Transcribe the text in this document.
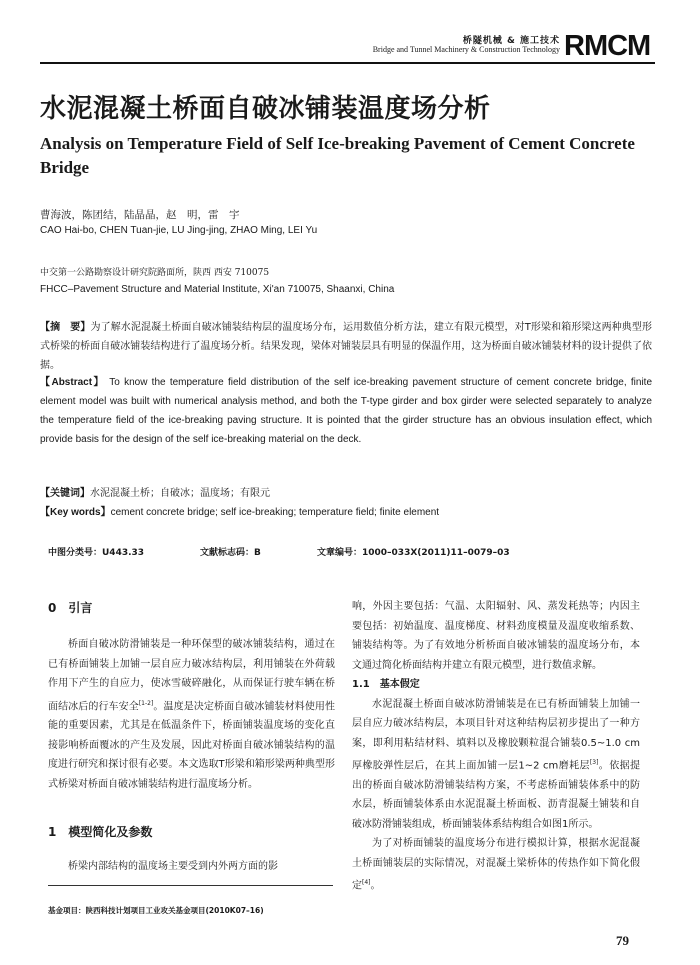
桥隧机械 & 施工技术
Bridge and Tunnel Machinery & Construction Technology RMCM
水泥混凝土桥面自破冰铺装温度场分析
Analysis on Temperature Field of Self Ice-breaking Pavement of Cement Concrete Bridge
曹海波，陈团结，陆晶晶，赵　明，雷　宇
CAO Hai-bo, CHEN Tuan-jie, LU Jing-jing, ZHAO Ming, LEI Yu
中交第一公路勘察设计研究院路面所，陕西 西安 710075
FHCC–Pavement Structure and Material Institute, Xi'an 710075, Shaanxi, China
【摘　要】为了解水泥混凝土桥面自破冰铺装结构层的温度场分布，运用数值分析方法，建立有限元模型，对T形梁和箱形梁这两种典型形式桥梁的桥面自破冰铺装结构进行了温度场分析。结果发现，梁体对铺装层具有明显的保温作用，这为桥面自破冰铺装材料的设计提供了依据。
【Abstract】 To know the temperature field distribution of the self ice-breaking pavement structure of cement concrete bridge, finite element model was built with numerical analysis method, and both the T-type girder and box girder were selected separately to analyze the temperature field of the ice-breaking paving structure. It is pointed that the girder structure has an obvious insulation effect, which provide basis for the design of the self ice-breaking material on the deck.
【关键词】水泥混凝土桥；自破冰；温度场；有限元
【Key words】cement concrete bridge; self ice-breaking; temperature field; finite element
中图分类号：U443.33	文献标志码：B	文章编号：1000–033X(2011)11–0079–03
0　引言

桥面自破冰防滑铺装是一种环保型的破冰铺装结构，通过在已有桥面铺装上加铺一层自应力破冰结构层，利用铺装在外荷载作用下产生的自应力，使冰雪破碎融化，从而保证行驶车辆在桥面结冰后的行车安全[1-2]。温度是决定桥面自破冰铺装材料使用性能的重要因素，尤其是在低温条件下，桥面铺装温度场的变化直接影响桥面覆冰的产生及发展，因此对桥面自破冰铺装结构的温度进行研究和探讨很有必要。本文选取T形梁和箱形梁两种典型形式桥梁对桥面自破冰铺装结构进行温度场分析。

1　模型简化及参数

桥梁内部结构的温度场主要受到内外两方面的影

基金项目：陕西科技计划项目工业攻关基金项目(2010K07–16)

响，外因主要包括：气温、太阳辐射、风、蒸发耗热等；内因主要包括：初始温度、温度梯度、材料劲度模量及温度收缩系数、铺装结构等。为了有效地分析桥面自破冰铺装的温度场分布，本文通过简化桥面结构并建立有限元模型，进行数值求解。

1.1　基本假定

水泥混凝土桥面自破冰防滑铺装是在已有桥面铺装上加铺一层自应力破冰结构层，本项目针对这种结构层初步提出了一种方案，即利用粘结材料、填料以及橡胶颗粒混合铺装0.5~1.0 cm厚橡胶弹性层后，在其上面加铺一层1~2 cm磨耗层[3]。依据提出的桥面自破冰防滑铺装结构方案，不考虑桥面铺装体系中的防水层，桥面铺装体系由水泥混凝土桥面板、沥青混凝土铺装和自破冰防滑铺装组成，桥面铺装体系结构组合如图1所示。

为了对桥面铺装的温度场分布进行模拟计算，根据水泥混凝土桥面铺装层的实际情况，对混凝土梁桥体的传热作如下简化假定[4]。

79
